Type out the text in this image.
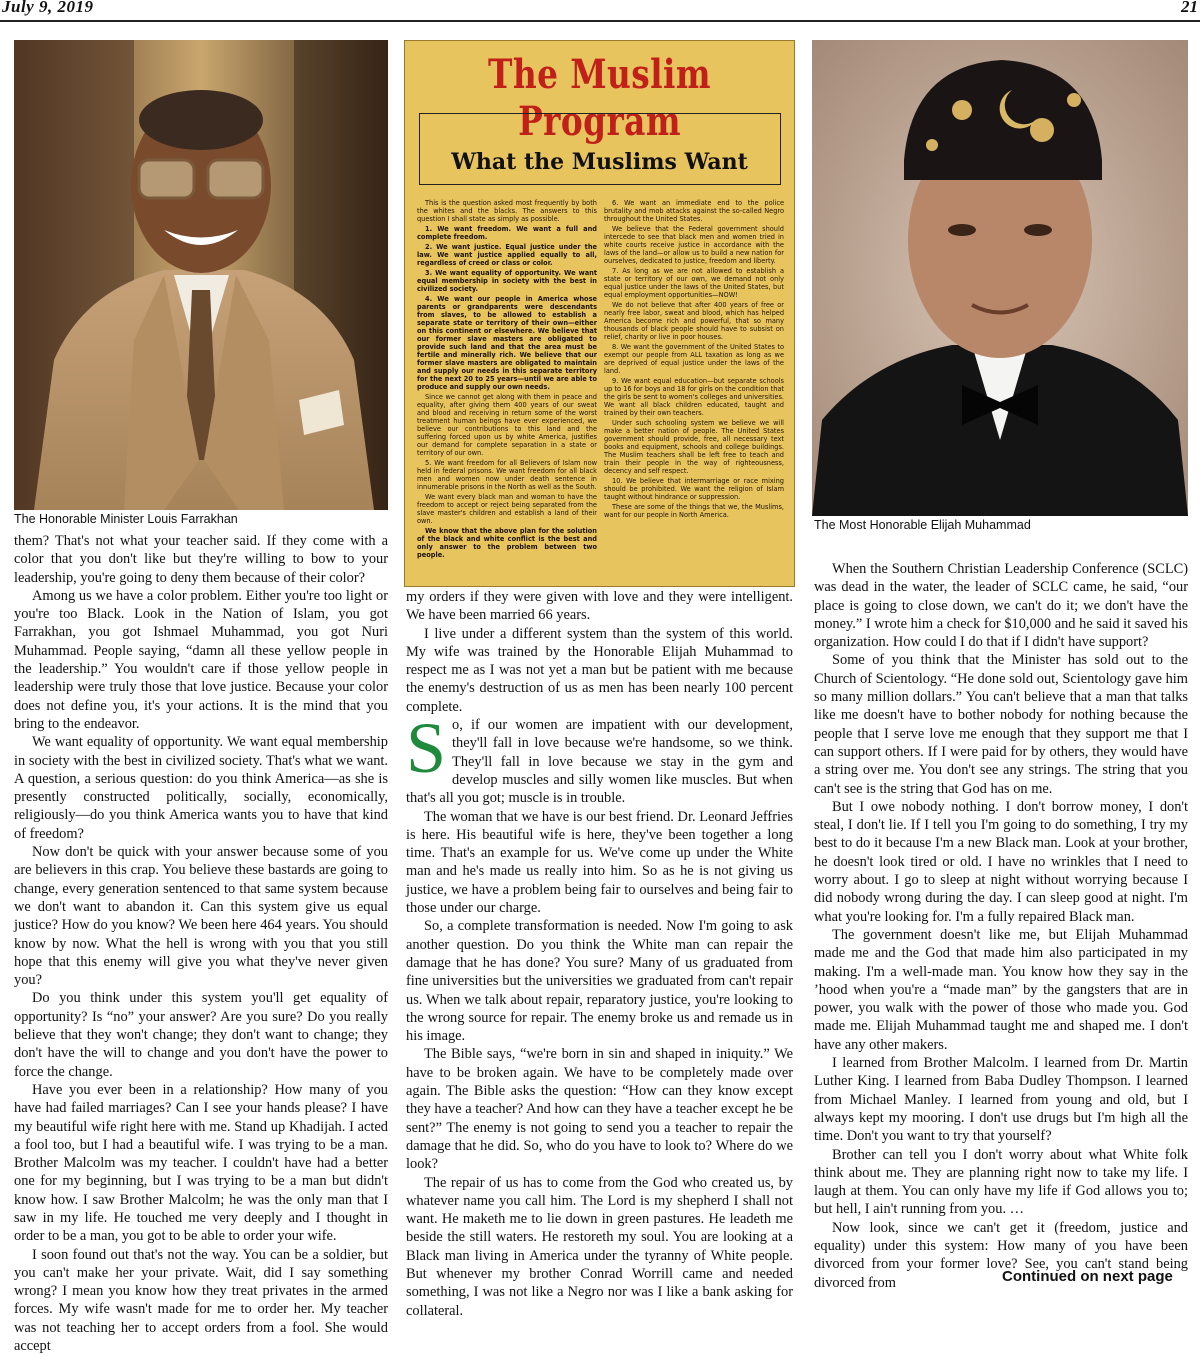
July 9, 2019	21
The Honorable Minister Louis Farrakhan
The Muslim Program
What the Muslims Want

This is the question asked most frequently by both the whites and the blacks. The answers to this question I shall state as simply as possible.

1. We want freedom. We want a full and complete freedom.

2. We want justice. Equal justice under the law. We want justice applied equally to all, regardless of creed or class or color.

3. We want equality of opportunity. We want equal membership in society with the best in civilized society.

4. We want our people in America whose parents or grandparents were descendants from slaves, to be allowed to establish a separate state or territory of their own—either on this continent or elsewhere. We believe that our former slave masters are obligated to provide such land and that the area must be fertile and minerally rich. We believe that our former slave masters are obligated to maintain and supply our needs in this separate territory for the next 20 to 25 years—until we are able to produce and supply our own needs.

Since we cannot get along with them in peace and equality, after giving them 400 years of our sweat and blood and receiving in return some of the worst treatment human beings have ever experienced, we believe our contributions to this land and the suffering forced upon us by white America, justifies our demand for complete separation in a state or territory of our own.

5. We want freedom for all Believers of Islam now held in federal prisons. We want freedom for all black men and women now under death sentence in innumerable prisons in the North as well as the South.

We want every black man and woman to have the freedom to accept or reject being separated from the slave master's children and establish a land of their own.

We know that the above plan for the solution of the black and white conflict is the best and only answer to the problem between two people.

6. We want an immediate end to the police brutality and mob attacks against the so-called Negro throughout the United States.

We believe that the Federal government should intercede to see that black men and women tried in white courts receive justice in accordance with the laws of the land—or allow us to build a new nation for ourselves, dedicated to justice, freedom and liberty.

7. As long as we are not allowed to establish a state or territory of our own, we demand not only equal justice under the laws of the United States, but equal employment opportunities—NOW!

We do not believe that after 400 years of free or nearly free labor, sweat and blood, which has helped America become rich and powerful, that so many thousands of black people should have to subsist on relief, charity or live in poor houses.

8. We want the government of the United States to exempt our people from ALL taxation as long as we are deprived of equal justice under the laws of the land.

9. We want equal education—but separate schools up to 16 for boys and 18 for girls on the condition that the girls be sent to women's colleges and universities. We want all black children educated, taught and trained by their own teachers.

Under such schooling system we believe we will make a better nation of people. The United States government should provide, free, all necessary text books and equipment, schools and college buildings. The Muslim teachers shall be left free to teach and train their people in the way of righteousness, decency and self respect.

10. We believe that intermarriage or race mixing should be prohibited. We want the religion of Islam taught without hindrance or suppression.

These are some of the things that we, the Muslims, want for our people in North America.

The Most Honorable Elijah Muhammad

them? That's not what your teacher said. If they come with a color that you don't like but they're willing to bow to your leadership, you're going to deny them because of their color?

Among us we have a color problem. Either you're too light or you're too Black. Look in the Nation of Islam, you got Farrakhan, you got Ishmael Muhammad, you got Nuri Muhammad. People saying, “damn all these yellow people in the leadership.” You wouldn't care if those yellow people in leadership were truly those that love justice. Because your color does not define you, it's your actions. It is the mind that you bring to the endeavor.

We want equality of opportunity. We want equal membership in society with the best in civilized society. That's what we want. A question, a serious question: do you think America—as she is presently constructed politically, socially, economically, religiously—do you think America wants you to have that kind of freedom?

Now don't be quick with your answer because some of you are believers in this crap. You believe these bastards are going to change, every generation sentenced to that same system because we don't want to abandon it. Can this system give us equal justice? How do you know? We been here 464 years. You should know by now. What the hell is wrong with you that you still hope that this enemy will give you what they've never given you?

Do you think under this system you'll get equality of opportunity? Is “no” your answer? Are you sure? Do you really believe that they won't change; they don't want to change; they don't have the will to change and you don't have the power to force the change.

Have you ever been in a relationship? How many of you have had failed marriages? Can I see your hands please? I have my beautiful wife right here with me. Stand up Khadijah. I acted a fool too, but I had a beautiful wife. I was trying to be a man. Brother Malcolm was my teacher. I couldn't have had a better one for my beginning, but I was trying to be a man but didn't know how. I saw Brother Malcolm; he was the only man that I saw in my life. He touched me very deeply and I thought in order to be a man, you got to be able to order your wife.

I soon found out that's not the way. You can be a soldier, but you can't make her your private. Wait, did I say something wrong? I mean you know how they treat privates in the armed forces. My wife wasn't made for me to order her. My teacher was not teaching her to accept orders from a fool. She would accept

my orders if they were given with love and they were intelligent. We have been married 66 years.

I live under a different system than the system of this world. My wife was trained by the Honorable Elijah Muhammad to respect me as I was not yet a man but be patient with me because the enemy's destruction of us as men has been nearly 100 percent complete.

So, if our women are impatient with our development, they'll fall in love because we're handsome, so we think. They'll fall in love because we stay in the gym and develop muscles and silly women like muscles. But when that's all you got; muscle is in trouble.

The woman that we have is our best friend. Dr. Leonard Jeffries is here. His beautiful wife is here, they've been together a long time. That's an example for us. We've come up under the White man and he's made us really into him. So as he is not giving us justice, we have a problem being fair to ourselves and being fair to those under our charge.

So, a complete transformation is needed. Now I'm going to ask another question. Do you think the White man can repair the damage that he has done? You sure? Many of us graduated from fine universities but the universities we graduated from can't repair us. When we talk about repair, reparatory justice, you're looking to the wrong source for repair. The enemy broke us and remade us in his image.

The Bible says, “we're born in sin and shaped in iniquity.” We have to be broken again. We have to be completely made over again. The Bible asks the question: “How can they know except they have a teacher? And how can they have a teacher except he be sent?” The enemy is not going to send you a teacher to repair the damage that he did. So, who do you have to look to? Where do we look?

The repair of us has to come from the God who created us, by whatever name you call him. The Lord is my shepherd I shall not want. He maketh me to lie down in green pastures. He leadeth me beside the still waters. He restoreth my soul. You are looking at a Black man living in America under the tyranny of White people. But whenever my brother Conrad Worrill came and needed something, I was not like a Negro nor was I like a bank asking for collateral.

When the Southern Christian Leadership Conference (SCLC) was dead in the water, the leader of SCLC came, he said, “our place is going to close down, we can't do it; we don't have the money.” I wrote him a check for $10,000 and he said it saved his organization. How could I do that if I didn't have support?

Some of you think that the Minister has sold out to the Church of Scientology. “He done sold out, Scientology gave him so many million dollars.” You can't believe that a man that talks like me doesn't have to bother nobody for nothing because the people that I serve love me enough that they support me that I can support others. If I were paid for by others, they would have a string over me. You don't see any strings. The string that you can't see is the string that God has on me.

But I owe nobody nothing. I don't borrow money, I don't steal, I don't lie. If I tell you I'm going to do something, I try my best to do it because I'm a new Black man. Look at your brother, he doesn't look tired or old. I have no wrinkles that I need to worry about. I go to sleep at night without worrying because I did nobody wrong during the day. I can sleep good at night. I'm what you're looking for. I'm a fully repaired Black man.

The government doesn't like me, but Elijah Muhammad made me and the God that made him also participated in my making. I'm a well-made man. You know how they say in the ’hood when you're a “made man” by the gangsters that are in power, you walk with the power of those who made you. God made me. Elijah Muhammad taught me and shaped me. I don't have any other makers.

I learned from Brother Malcolm. I learned from Dr. Martin Luther King. I learned from Baba Dudley Thompson. I learned from Michael Manley. I learned from young and old, but I always kept my mooring. I don't use drugs but I'm high all the time. Don't you want to try that yourself?

Brother can tell you I don't worry about what White folk think about me. They are planning right now to take my life. I laugh at them. You can only have my life if God allows you to; but hell, I ain't running from you. …

Now look, since we can't get it (freedom, justice and equality) under this system: How many of you have been divorced from your former love? See, you can't stand being divorced from	Continued on next page
